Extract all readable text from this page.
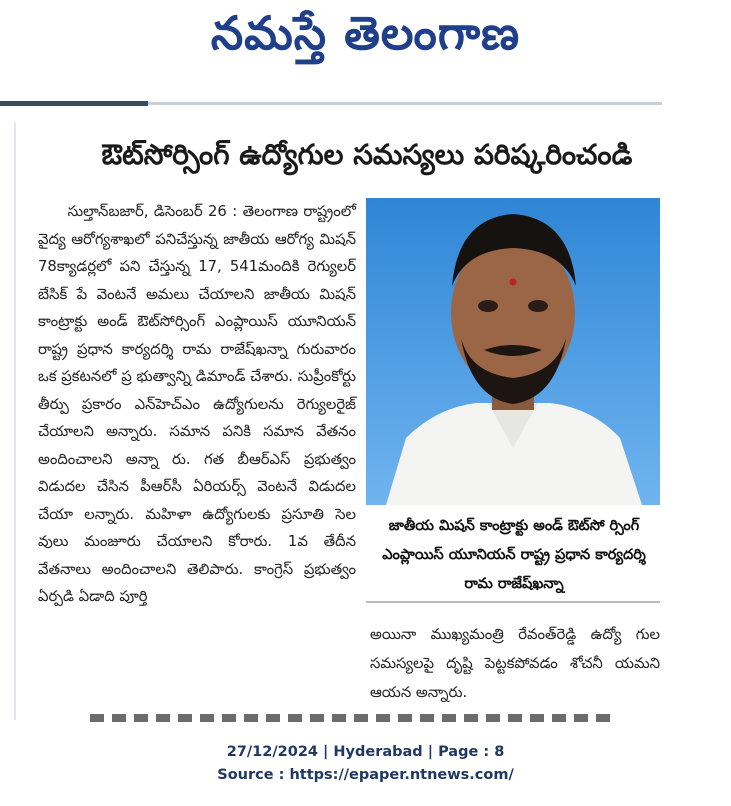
నమస్తే తెలంగాణ
ఔట్‌సోర్సింగ్ ఉద్యోగుల సమస్యలు పరిష్కరించండి

సుల్తాన్‌బజార్, డిసెంబర్ 26 : తెలంగాణ రాష్ట్రంలో వైద్య ఆరోగ్యశాఖలో పనిచేస్తున్న జాతీయ ఆరోగ్య మిషన్ 78క్యాడర్లలో పని చేస్తున్న 17, 541మందికి రెగ్యులర్ బేసిక్ పే వెంటనే అమలు చేయాలని జాతీయ మిషన్ కాంట్రాక్టు అండ్ ఔట్‌సోర్సింగ్ ఎంప్లాయిస్ యూనియన్ రాష్ట్ర ప్రధాన కార్యదర్శి రామ రాజేష్‌ఖన్నా గురువారం ఒక ప్రకటనలో ప్ర భుత్వాన్ని డిమాండ్ చేశారు. సుప్రీంకోర్టు తీర్పు ప్రకారం ఎన్‌హెచ్‌ఎం ఉద్యోగులను రెగ్యులరైజ్ చేయాలని అన్నారు. సమాన పనికి సమాన వేతనం అందించాలని అన్నా రు. గత బీఆర్‌ఎస్ ప్రభుత్వం విడుదల చేసిన పీఆర్‌సీ ఏరియర్స్ వెంటనే విడుదల చేయా లన్నారు. మహిళా ఉద్యోగులకు ప్రసూతి సెల వులు మంజూరు చేయాలని కోరారు. 1వ తేదీన వేతనాలు అందించాలని తెలిపారు. కాంగ్రెస్ ప్రభుత్వం ఏర్పడి ఏడాది పూర్తి

జాతీయ మిషన్ కాంట్రాక్టు అండ్ ఔట్‌సో ర్సింగ్ ఎంప్లాయిస్ యూనియన్ రాష్ట్ర ప్రధాన కార్యదర్శి రామ రాజేష్‌ఖన్నా
అయినా ముఖ్యమంత్రి రేవంత్‌రెడ్డి ఉద్యో గుల సమస్యలపై దృష్టి పెట్టకపోవడం శోచనీ యమని ఆయన అన్నారు.
27/12/2024 | Hyderabad | Page : 8
Source : https://epaper.ntnews.com/
